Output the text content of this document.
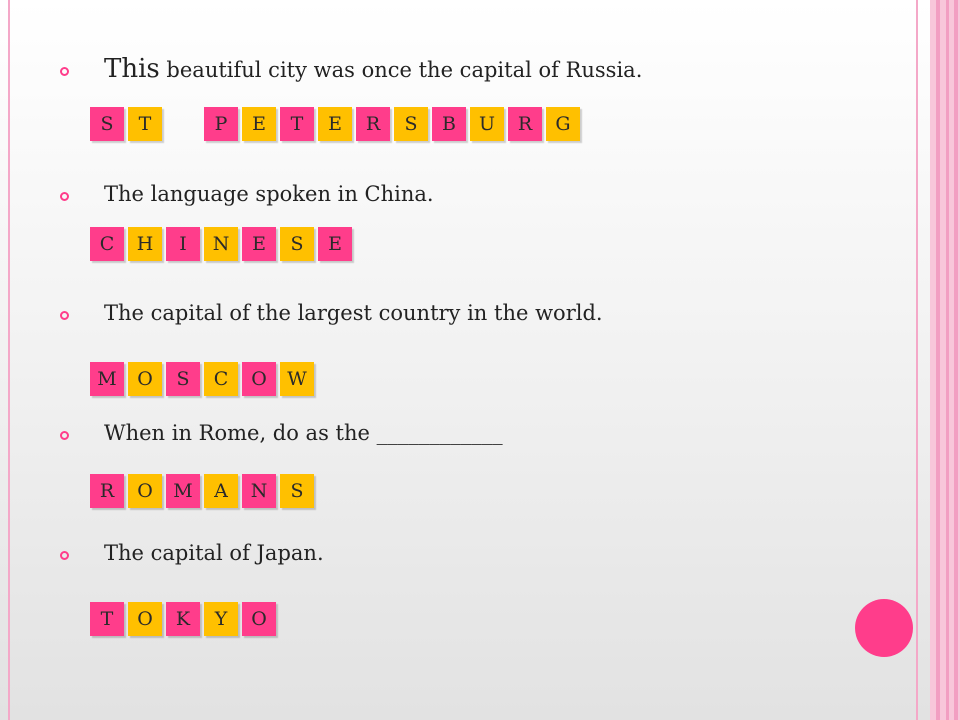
This beautiful city was once the capital of Russia.

S	T	P	E	T	E	R	S	B	U	R	G

The language spoken in China.

C	H	I	N	E	S	E

The capital of the largest country in the world.

M	O	S	C	O	W

When in Rome, do as the ____________

R	O	M	A	N	S

The capital of Japan.

T	O	K	Y	O
